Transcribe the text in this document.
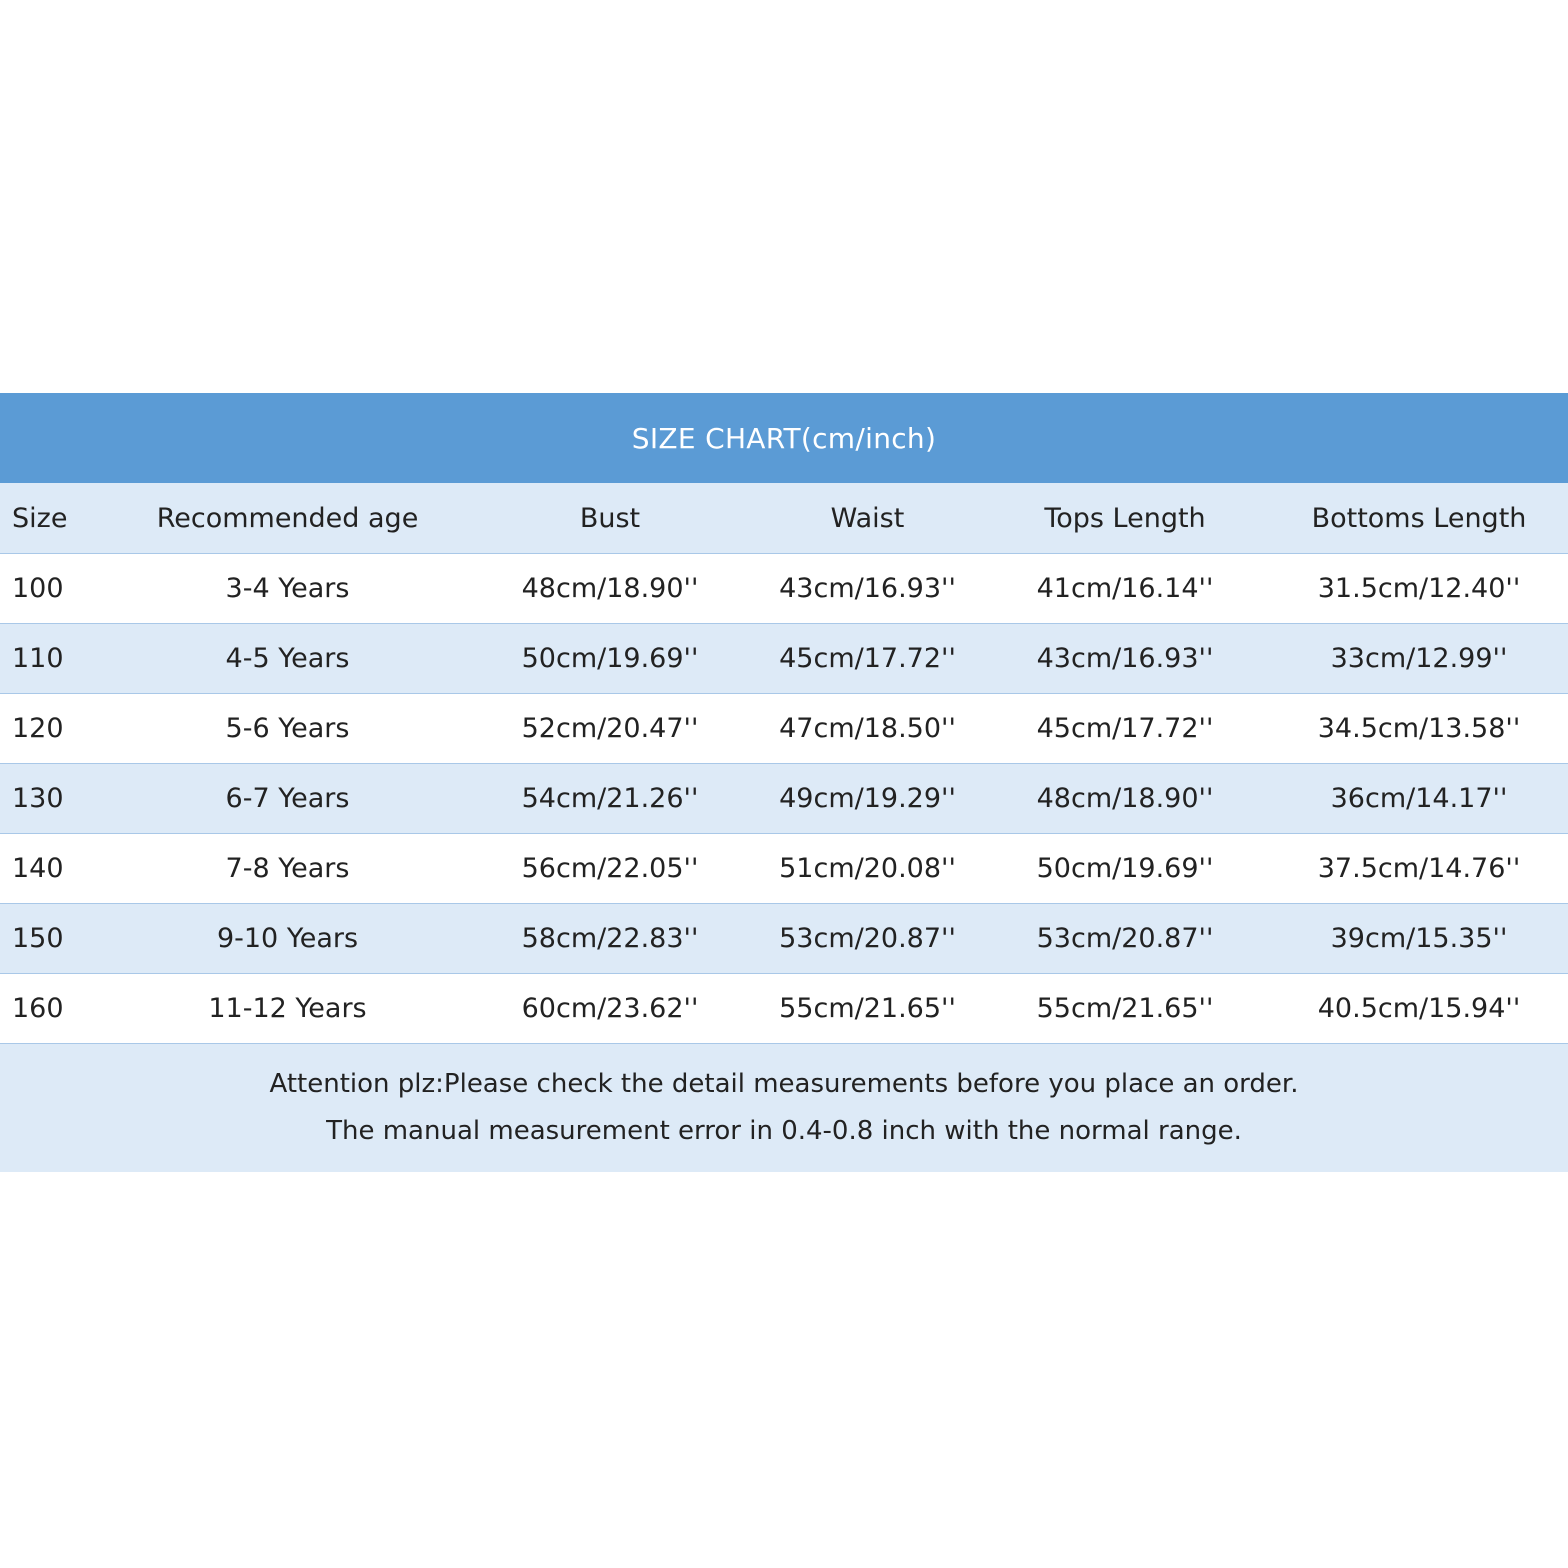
SIZE CHART(cm/inch)
Size	Recommended age	Bust	Waist	Tops Length	Bottoms Length
100	3-4 Years	48cm/18.90''	43cm/16.93''	41cm/16.14''	31.5cm/12.40''
110	4-5 Years	50cm/19.69''	45cm/17.72''	43cm/16.93''	33cm/12.99''
120	5-6 Years	52cm/20.47''	47cm/18.50''	45cm/17.72''	34.5cm/13.58''
130	6-7 Years	54cm/21.26''	49cm/19.29''	48cm/18.90''	36cm/14.17''
140	7-8 Years	56cm/22.05''	51cm/20.08''	50cm/19.69''	37.5cm/14.76''
150	9-10 Years	58cm/22.83''	53cm/20.87''	53cm/20.87''	39cm/15.35''
160	11-12 Years	60cm/23.62''	55cm/21.65''	55cm/21.65''	40.5cm/15.94''
Attention plz:Please check the detail measurements before you place an order.
The manual measurement error in 0.4-0.8 inch with the normal range.
